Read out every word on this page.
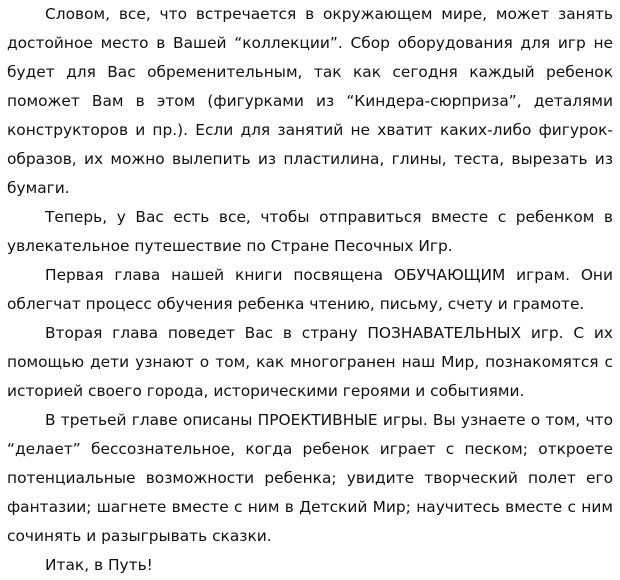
Словом, все, что встречается в окружающем мире, может занять достойное место в Вашей “коллекции”. Сбор оборудования для игр не будет для Вас обременительным, так как сегодня каждый ребенок поможет Вам в этом (фигурками из “Киндера-сюрприза”, деталями конструкторов и пр.). Если для занятий не хватит каких-либо фигурок-образов, их можно вылепить из пластилина, глины, теста, вырезать из бумаги.

Теперь, у Вас есть все, чтобы отправиться вместе с ребенком в увлекательное путешествие по Стране Песочных Игр.

Первая глава нашей книги посвящена ОБУЧАЮЩИМ играм. Они облегчат процесс обучения ребенка чтению, письму, счету и грамоте.

Вторая глава поведет Вас в страну ПОЗНАВАТЕЛЬНЫХ игр. С их помощью дети узнают о том, как многогранен наш Мир, познакомятся с историей своего города, историческими героями и событиями.

В третьей главе описаны ПРОЕКТИВНЫЕ игры. Вы узнаете о том, что “делает” бессознательное, когда ребенок играет с песком; откроете потенциальные возможности ребенка; увидите творческий полет его фантазии; шагнете вместе с ним в Детский Мир; научитесь вместе с ним сочинять и разыгрывать сказки.

Итак, в Путь!
